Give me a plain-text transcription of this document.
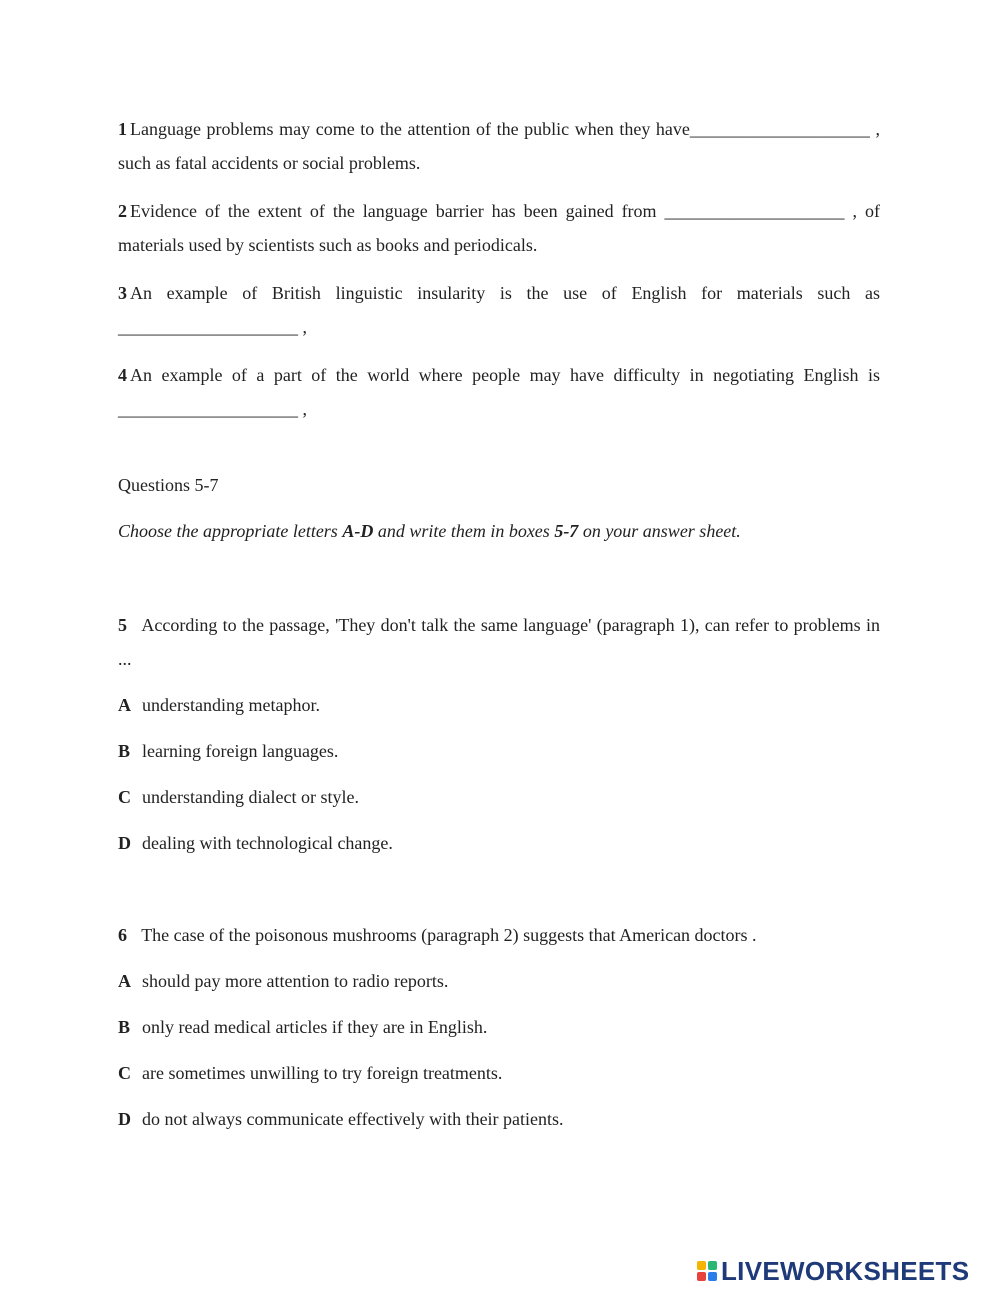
1 Language problems may come to the attention of the public when they have____________________ , such as fatal accidents or social problems.

2 Evidence of the extent of the language barrier has been gained from ____________________ , of materials used by scientists such as books and periodicals.

3 An example of British linguistic insularity is the use of English for materials such as ____________________ ,

4 An example of a part of the world where people may have difficulty in negotiating English is ____________________ ,

Questions 5-7
Choose the appropriate letters A-D and write them in boxes 5-7 on your answer sheet.
5 According to the passage, 'They don't talk the same language' (paragraph 1), can refer to problems in ...
A understanding metaphor.
B learning foreign languages.
C understanding dialect or style.
D dealing with technological change.
6 The case of the poisonous mushrooms (paragraph 2) suggests that American doctors .
A should pay more attention to radio reports.
B only read medical articles if they are in English.
C are sometimes unwilling to try foreign treatments.
D do not always communicate effectively with their patients.
LIVEWORKSHEETS
